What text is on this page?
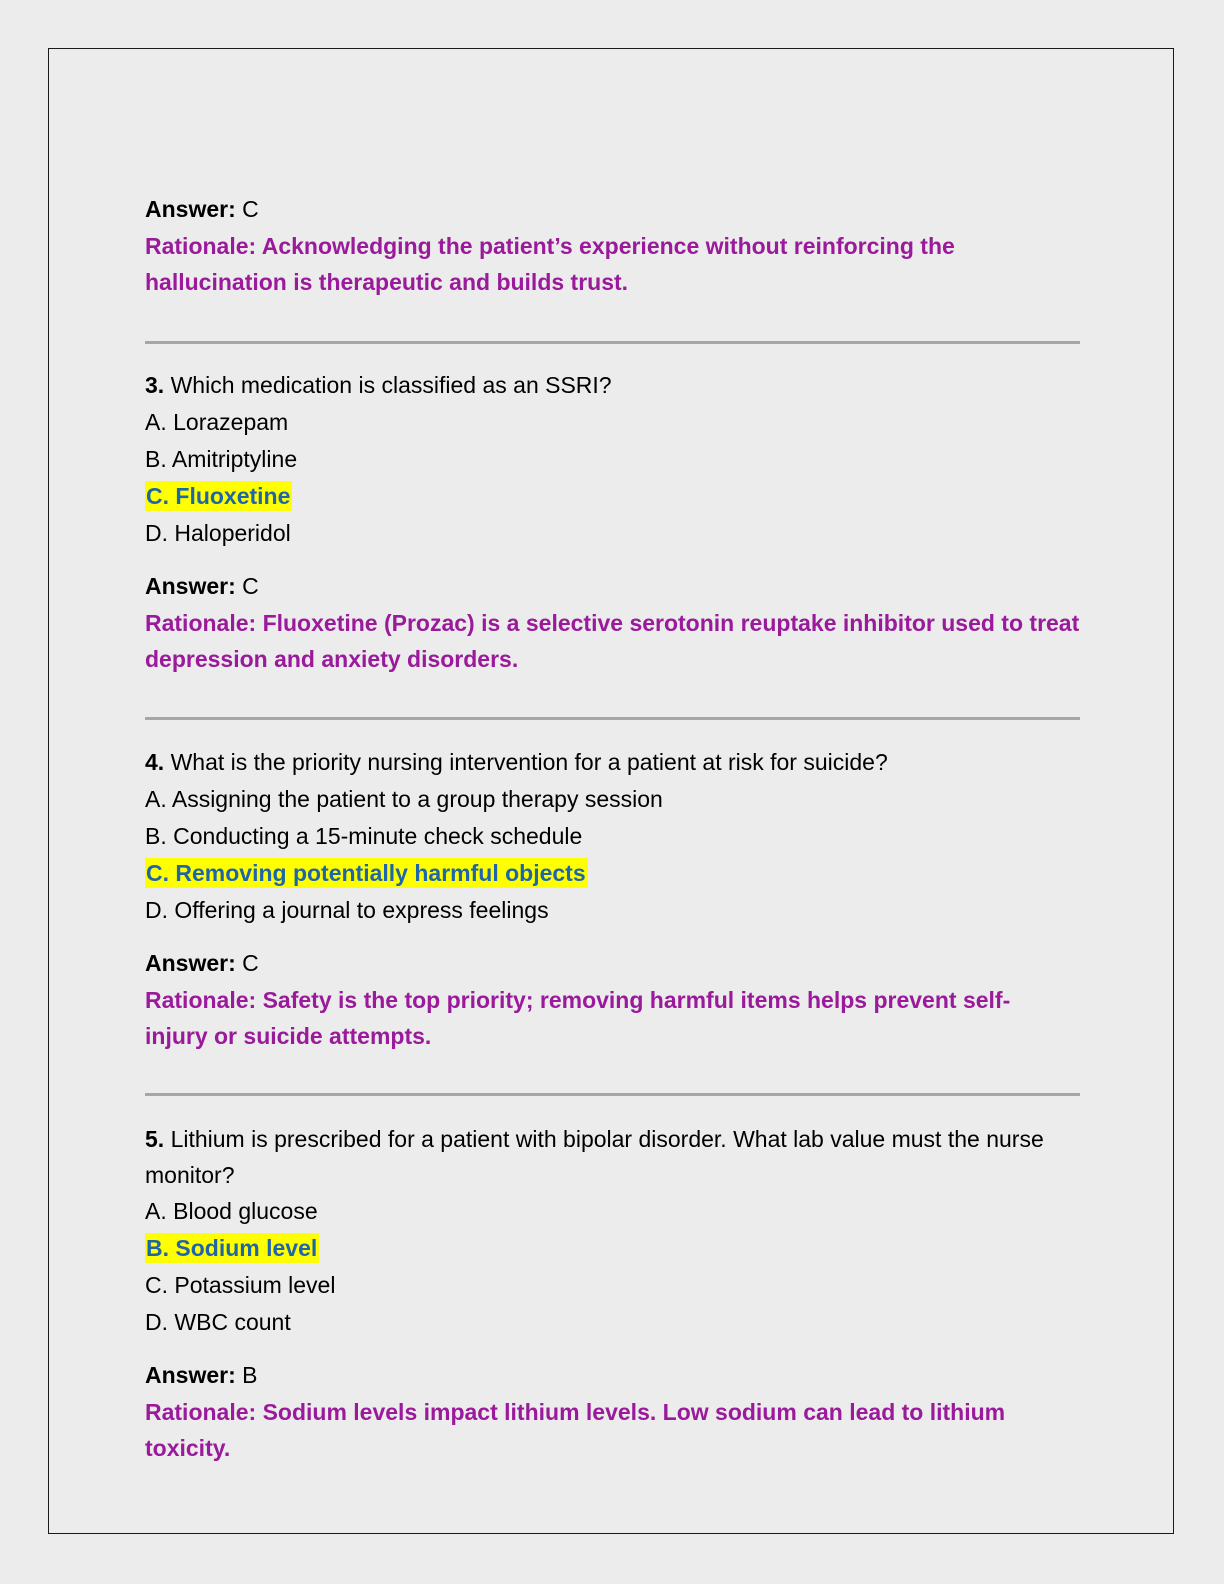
Answer: C

Rationale: Acknowledging the patient’s experience without reinforcing the hallucination is therapeutic and builds trust.

3. Which medication is classified as an SSRI?

A. Lorazepam

B. Amitriptyline

C. Fluoxetine

D. Haloperidol

Answer: C

Rationale: Fluoxetine (Prozac) is a selective serotonin reuptake inhibitor used to treat depression and anxiety disorders.

4. What is the priority nursing intervention for a patient at risk for suicide?

A. Assigning the patient to a group therapy session

B. Conducting a 15-minute check schedule

C. Removing potentially harmful objects

D. Offering a journal to express feelings

Answer: C

Rationale: Safety is the top priority; removing harmful items helps prevent self-injury or suicide attempts.

5. Lithium is prescribed for a patient with bipolar disorder. What lab value must the nurse monitor?

A. Blood glucose

B. Sodium level

C. Potassium level

D. WBC count

Answer: B

Rationale: Sodium levels impact lithium levels. Low sodium can lead to lithium toxicity.
